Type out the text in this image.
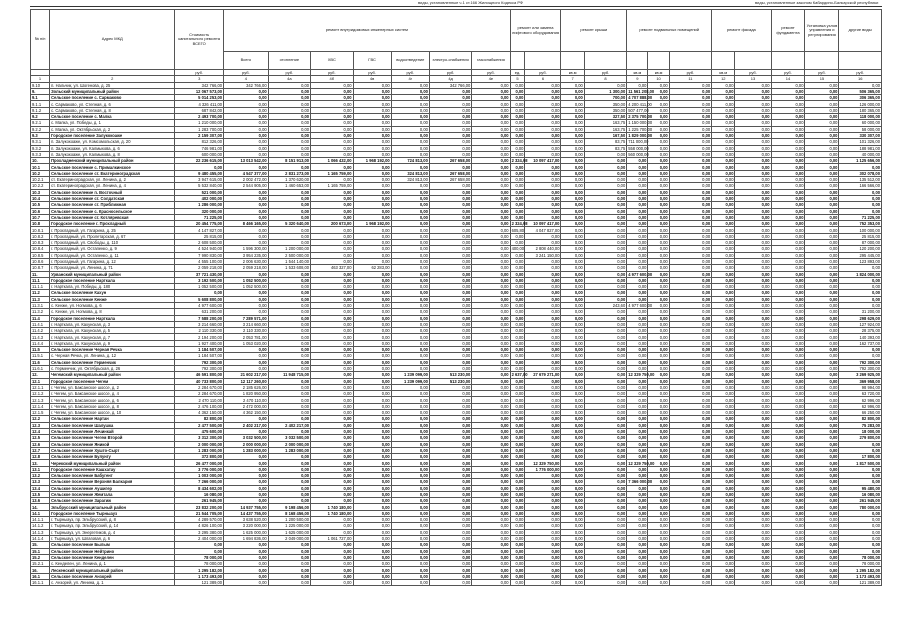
виды, установленные ч.1 ст.166 Жилищного Кодекса РФ	виды, установленные законом Кабардино-Балкарской республики
№ п/п	Адрес МКД	Стоимость капитального ремонта ВСЕГО	ремонт внутридомовых инженерных систем							ремонт или замена лифтового оборудования		ремонт крыши		ремонт подвальных помещений			ремонт фасада		ремонт фундамента	Установка узлов управления и регулирования	другие виды
			Всего	отопление	ХВС	ГВС	водоотведение	электро-снабжения	газоснабжения												
		руб.	руб.	руб.	руб.	руб.	руб.	руб.	руб.	ед.	руб.	кв.м	руб.	кв.м	кв.м	руб.	кв.м	руб.	руб.	руб.	руб.
1	2	3	4	4а	4б	4в	4г	4д	4е	5	6	7	8	9	10	11	12	13	14	15	16
9.10	п. Нальчик, ул. Шогенова, д. 25	342 766,00	342 766,00	0,00	0,00	0,00	0,00	342 766,00	0,00	0,00	0,00	0,00	0,00	0,00	0,00	0,00	0,00	0,00	0,00	0,00	0,00
9.	Зольский муниципальный район	12 067 573,00	0,00	0,00	0,00	0,00	0,00	0,00	0,00	0,00	0,00	0,00	1 300,00	11 561 208,00	0,00	0,00	0,00	0,00	0,00	0,00	506 365,00
9.1	Сельское поселение с. Сармаково	5 014 253,00	0,00	0,00	0,00	0,00	0,00	0,00	0,00	0,00	0,00	0,00	700,00	4 707 888,00	0,00	0,00	0,00	0,00	0,00	0,00	306 365,00
9.1.1	с. Сармаково, ул. Степная, д. 6	4 326 411,00	0,00	0,00	0,00	0,00	0,00	0,00	0,00	0,00	0,00	0,00	350,00	4 200 411,00	0,00	0,00	0,00	0,00	0,00	0,00	126 000,00
9.1.2	с. Сармаково, ул. Степная, д. 8	687 842,00	0,00	0,00	0,00	0,00	0,00	0,00	0,00	0,00	0,00	0,00	350,00	507 477,00	0,00	0,00	0,00	0,00	0,00	0,00	180 365,00
9.2	Сельское поселение с. Малка	2 493 700,00	0,00	0,00	0,00	0,00	0,00	0,00	0,00	0,00	0,00	0,00	327,50	2 375 700,00	0,00	0,00	0,00	0,00	0,00	0,00	118 000,00
9.2.1	с. Малка, ул. Победы, д. 1	1 210 000,00	0,00	0,00	0,00	0,00	0,00	0,00	0,00	0,00	0,00	0,00	163,75	1 150 000,00	0,00	0,00	0,00	0,00	0,00	0,00	60 000,00
9.2.2	с. Малка, ул. Октябрьская, д. 2	1 283 700,00	0,00	0,00	0,00	0,00	0,00	0,00	0,00	0,00	0,00	0,00	163,75	1 225 700,00	0,00	0,00	0,00	0,00	0,00	0,00	58 000,00
9.3	Городское поселение Залукокоаже	2 159 307,00	0,00	0,00	0,00	0,00	0,00	0,00	0,00	0,00	0,00	0,00	167,50	1 829 000,00	0,00	0,00	0,00	0,00	0,00	0,00	330 307,00
9.3.1	п. Залукокоаже, ул. Комсомольская, д. 20	812 326,00	0,00	0,00	0,00	0,00	0,00	0,00	0,00	0,00	0,00	0,00	83,75	711 000,00	0,00	0,00	0,00	0,00	0,00	0,00	101 326,00
9.3.2	п. Залукокоаже, ул. Калмыкова, д. 6	746 981,00	0,00	0,00	0,00	0,00	0,00	0,00	0,00	0,00	0,00	0,00	83,75	558 000,00	0,00	0,00	0,00	0,00	0,00	0,00	188 981,00
9.3.3	п. Залукокоаже, ул. Калмыкова, д. 8	600 000,00	0,00	0,00	0,00	0,00	0,00	0,00	0,00	0,00	0,00	0,00	0,00	560 000,00	0,00	0,00	0,00	0,00	0,00	0,00	40 000,00
10.	Прохладненский муниципальный район	22 236 615,00	13 013 542,00	8 151 913,00	1 066 432,00	1 968 192,00	724 813,00	267 658,00	0,00	2 324,98	10 097 417,00	0,00	0,00	0,00	0,00	0,00	0,00	0,00	0,00	0,00	1 125 656,00
10.1	Сельское поселение с. Прималкинское	0,00	0,00	0,00	0,00	0,00	0,00	0,00	0,00	0,00	0,00	0,00	0,00	0,00	0,00	0,00	0,00	0,00	0,00	0,00	0,00
10.2	Сельское поселение ст. Екатериноградская	9 480 455,00	4 547 377,00	2 831 273,00	1 165 759,00	0,00	324 813,00	267 658,00	0,00	0,00	0,00	0,00	0,00	0,00	0,00	0,00	0,00	0,00	0,00	0,00	302 078,00
10.2.1	ст. Екатериноградская, ул. Ленина, д. 2	3 947 615,00	2 002 472,00	1 370 620,00	0,00	0,00	324 813,00	267 658,00	0,00	0,00	0,00	0,00	0,00	0,00	0,00	0,00	0,00	0,00	0,00	0,00	135 512,00
10.2.2	ст. Екатериноградская, ул. Ленина, д. 4	5 532 840,00	2 544 905,00	1 460 653,00	1 165 759,00	0,00	0,00	0,00	0,00	0,00	0,00	0,00	0,00	0,00	0,00	0,00	0,00	0,00	0,00	0,00	166 566,00
10.3	Сельское поселение п. Восточный	521 000,00	0,00	0,00	0,00	0,00	0,00	0,00	0,00	0,00	0,00	0,00	0,00	0,00	0,00	0,00	0,00	0,00	0,00	0,00	0,00
10.4	Сельское поселение ст. Солдатская	402 000,00	0,00	0,00	0,00	0,00	0,00	0,00	0,00	0,00	0,00	0,00	0,00	0,00	0,00	0,00	0,00	0,00	0,00	0,00	0,00
10.5	Сельское поселение ст. Приближная	1 286 000,00	0,00	0,00	0,00	0,00	0,00	0,00	0,00	0,00	0,00	0,00	0,00	0,00	0,00	0,00	0,00	0,00	0,00	0,00	0,00
10.6	Сельское поселение с. Красносельское	320 000,00	0,00	0,00	0,00	0,00	0,00	0,00	0,00	0,00	0,00	0,00	0,00	0,00	0,00	0,00	0,00	0,00	0,00	0,00	0,00
10.7	Сельское поселение ст. Котляревская	71 225,00	0,00	0,00	0,00	0,00	0,00	0,00	0,00	0,00	0,00	0,00	0,00	0,00	0,00	0,00	0,00	0,00	0,00	0,00	71 225,00
10.8	Городское поселение г. Прохладный	20 454 775,00	8 466 165,00	5 320 640,00	200 673,00	1 968 192,00	0,00	0,00	0,00	2 324,98	10 097 417,00	0,00	0,00	0,00	0,00	0,00	0,00	0,00	0,00	0,00	752 353,00
10.8.1	г. Прохладный, ул. Гагарина, д. 25	4 147 827,00	0,00	0,00	0,00	0,00	0,00	0,00	0,00	605,80	4 047 827,00	0,00	0,00	0,00	0,00	0,00	0,00	0,00	0,00	0,00	100 000,00
10.8.2	г. Прохладный, ул. Пролетарская, д. 67	25 815,00	0,00	0,00	0,00	0,00	0,00	0,00	0,00	0,00	0,00	0,00	0,00	0,00	0,00	0,00	0,00	0,00	0,00	0,00	25 815,00
10.8.3	г. Прохладный, ул. Свободы, д. 110	2 608 500,00	0,00	0,00	0,00	0,00	0,00	0,00	0,00	0,00	0,00	0,00	0,00	0,00	0,00	0,00	0,00	0,00	0,00	0,00	87 000,00
10.8.4	г. Прохладный, ул. Остапенко, д. 9	4 524 940,00	1 596 300,00	1 200 000,00	0,00	0,00	0,00	0,00	0,00	400,00	2 808 440,00	0,00	0,00	0,00	0,00	0,00	0,00	0,00	0,00	0,00	120 200,00
10.8.5	г. Прохладный, ул. Остапенко, д. 11	7 990 830,00	3 954 235,00	2 500 000,00	0,00	0,00	0,00	0,00	0,00	0,00	3 241 150,00	0,00	0,00	0,00	0,00	0,00	0,00	0,00	0,00	0,00	295 445,00
10.8.6	г. Прохладный, ул. Гагарина, д. 12	4 555 100,00	2 006 630,00	1 544 140,00	0,00	0,00	0,00	0,00	0,00	0,00	0,00	0,00	0,00	0,00	0,00	0,00	0,00	0,00	0,00	0,00	123 893,00
10.8.7	г. Прохладный, ул. Ленина, д. 71	2 059 218,00	2 059 218,00	1 533 608,00	463 327,00	62 283,00	0,00	0,00	0,00	0,00	0,00	0,00	0,00	0,00	0,00	0,00	0,00	0,00	0,00	0,00	0,00
11.	Урванский муниципальный район	37 721 430,00	0,00	0,00	0,00	0,00	0,00	0,00	0,00	0,00	0,00	0,00	0,00	4 977 600,00	0,00	0,00	0,00	0,00	0,00	0,00	1 824 000,00
11.1	Городское поселение Нарткала	3 192 500,00	1 052 500,00	0,00	0,00	0,00	0,00	0,00	0,00	0,00	0,00	0,00	0,00	0,00	0,00	0,00	0,00	0,00	0,00	0,00	0,00
11.1.1	г. Нарткала, ул. Победы, д. 180	1 052 500,00	1 052 500,00	0,00	0,00	0,00	0,00	0,00	0,00	0,00	0,00	0,00	0,00	0,00	0,00	0,00	0,00	0,00	0,00	0,00	0,00
11.2	Сельское поселение Кахун	0,00	0,00	0,00	0,00	0,00	0,00	0,00	0,00	0,00	0,00	0,00	0,00	0,00	0,00	0,00	0,00	0,00	0,00	0,00	0,00
11.3	Сельское поселение Кенже	5 608 800,00	0,00	0,00	0,00	0,00	0,00	0,00	0,00	0,00	0,00	0,00	0,00	0,00	0,00	0,00	0,00	0,00	0,00	0,00	0,00
11.3.1	с. Кенже, ул. Ногмова, д. 6	4 977 600,00	0,00	0,00	0,00	0,00	0,00	0,00	0,00	0,00	0,00	0,00	243,60	4 977 600,00	0,00	0,00	0,00	0,00	0,00	0,00	0,00
11.3.2	с. Кенже, ул. Ногмова, д. 8	631 200,00	0,00	0,00	0,00	0,00	0,00	0,00	0,00	0,00	0,00	0,00	0,00	0,00	0,00	0,00	0,00	0,00	0,00	0,00	31 200,00
11.4	Городское поселение Нарткала	7 588 200,00	7 289 571,00	0,00	0,00	0,00	0,00	0,00	0,00	0,00	0,00	0,00	0,00	0,00	0,00	0,00	0,00	0,00	0,00	0,00	298 629,00
11.4.1	г. Нарткала, ул. Кахунская, д. 3	3 214 660,00	3 214 660,00	0,00	0,00	0,00	0,00	0,00	0,00	0,00	0,00	0,00	0,00	0,00	0,00	0,00	0,00	0,00	0,00	0,00	127 924,00
11.4.2	г. Нарткала, ул. Кахунская, д. 5	2 110 330,00	2 110 330,00	0,00	0,00	0,00	0,00	0,00	0,00	0,00	0,00	0,00	0,00	0,00	0,00	0,00	0,00	0,00	0,00	0,00	28 375,00
11.4.3	г. Нарткала, ул. Кахунская, д. 7	2 194 200,00	2 053 781,00	0,00	0,00	0,00	0,00	0,00	0,00	0,00	0,00	0,00	0,00	0,00	0,00	0,00	0,00	0,00	0,00	0,00	140 393,00
11.4.4	г. Нарткала, ул. Кахунская, д. 9	1 927 400,00	1 053 020,00	0,00	0,00	0,00	0,00	0,00	0,00	0,00	0,00	0,00	0,00	0,00	0,00	0,00	0,00	0,00	0,00	0,00	162 737,00
11.5	Сельское поселение Черная Речка	1 184 507,00	0,00	0,00	0,00	0,00	0,00	0,00	0,00	0,00	0,00	0,00	0,00	0,00	0,00	0,00	0,00	0,00	0,00	0,00	0,00
11.5.1	с. Черная Речка, ул. Ленина, д. 12	1 184 507,00	0,00	0,00	0,00	0,00	0,00	0,00	0,00	0,00	0,00	0,00	0,00	0,00	0,00	0,00	0,00	0,00	0,00	0,00	0,00
11.6	Сельское поселение Герменчик	792 300,00	0,00	0,00	0,00	0,00	0,00	0,00	0,00	0,00	0,00	0,00	0,00	0,00	0,00	0,00	0,00	0,00	0,00	0,00	792 300,00
11.6.1	с. Герменчик, ул. Октябрьская, д. 26	792 300,00	0,00	0,00	0,00	0,00	0,00	0,00	0,00	0,00	0,00	0,00	0,00	0,00	0,00	0,00	0,00	0,00	0,00	0,00	792 300,00
12.	Чегемский муниципальный район	46 591 800,00	21 602 217,00	11 948 715,00	0,00	0,00	1 239 099,00	513 230,00	0,00	2 637,00	27 679 271,00	0,00	0,00	12 329 750,00	0,00	0,00	0,00	0,00	0,00	0,00	3 269 925,00
12.1	Городское поселение Чегем	40 733 800,00	12 117 260,00	0,00	0,00	0,00	1 239 099,00	513 230,00	0,00	0,00	0,00	0,00	0,00	0,00	0,00	0,00	0,00	0,00	0,00	0,00	369 958,00
12.1.1	г. Чегем, ул. Баксанское шоссе, д. 2	2 284 670,00	2 185 626,00	0,00	0,00	0,00	0,00	0,00	0,00	0,00	0,00	0,00	0,00	0,00	0,00	0,00	0,00	0,00	0,00	0,00	98 994,00
12.1.2	г. Чегем, ул. Баксанское шоссе, д. 4	2 284 670,00	1 820 950,00	0,00	0,00	0,00	0,00	0,00	0,00	0,00	0,00	0,00	0,00	0,00	0,00	0,00	0,00	0,00	0,00	0,00	63 720,00
12.1.3	г. Чегем, ул. Баксанское шоссе, д. 6	2 470 110,00	2 470 110,00	0,00	0,00	0,00	0,00	0,00	0,00	0,00	0,00	0,00	0,00	0,00	0,00	0,00	0,00	0,00	0,00	0,00	62 996,00
12.1.4	г. Чегем, ул. Баксанское шоссе, д. 8	2 476 100,00	2 472 000,00	0,00	0,00	0,00	0,00	0,00	0,00	0,00	0,00	0,00	0,00	0,00	0,00	0,00	0,00	0,00	0,00	0,00	62 996,00
12.1.5	г. Чегем, ул. Баксанское шоссе, д. 10	4 362 150,00	4 362 150,00	0,00	0,00	0,00	0,00	0,00	0,00	0,00	0,00	0,00	0,00	0,00	0,00	0,00	0,00	0,00	0,00	0,00	66 250,00
12.2	Сельское поселение Нартан	82 800,00	0,00	0,00	0,00	0,00	0,00	0,00	0,00	0,00	0,00	0,00	0,00	0,00	0,00	0,00	0,00	0,00	0,00	0,00	82 800,00
12.3	Сельское поселение Шалушка	2 477 500,00	2 402 217,00	2 402 217,00	0,00	0,00	0,00	0,00	0,00	0,00	0,00	0,00	0,00	0,00	0,00	0,00	0,00	0,00	0,00	0,00	75 283,00
12.4	Сельское поселение Лечинкай	475 600,00	0,00	0,00	0,00	0,00	0,00	0,00	0,00	0,00	0,00	0,00	0,00	0,00	0,00	0,00	0,00	0,00	0,00	0,00	18 000,00
12.5	Сельское поселение Чегем Второй	3 312 300,00	3 032 500,00	3 032 500,00	0,00	0,00	0,00	0,00	0,00	0,00	0,00	0,00	0,00	0,00	0,00	0,00	0,00	0,00	0,00	0,00	279 800,00
12.6	Сельское поселение Яникой	2 000 000,00	2 000 000,00	2 000 000,00	0,00	0,00	0,00	0,00	0,00	0,00	0,00	0,00	0,00	0,00	0,00	0,00	0,00	0,00	0,00	0,00	0,00
12.7	Сельское поселение Хушто-Сырт	1 283 000,00	1 283 000,00	1 283 000,00	0,00	0,00	0,00	0,00	0,00	0,00	0,00	0,00	0,00	0,00	0,00	0,00	0,00	0,00	0,00	0,00	0,00
12.8	Сельское поселение Булунгу	372 800,00	0,00	0,00	0,00	0,00	0,00	0,00	0,00	0,00	0,00	0,00	0,00	0,00	0,00	0,00	0,00	0,00	0,00	0,00	17 800,00
13.	Черекский муниципальный район	26 477 000,00	0,00	0,00	0,00	0,00	0,00	0,00	0,00	0,00	12 329 750,00	0,00	0,00	12 329 750,00	0,00	0,00	0,00	0,00	0,00	0,00	1 817 500,00
13.1	Городское поселение Кашхатау	3 776 000,00	0,00	0,00	0,00	0,00	0,00	0,00	0,00	0,00	1 776 000,00	0,00	0,00	0,00	0,00	0,00	0,00	0,00	0,00	0,00	0,00
13.2	Сельское поселение Бабугент	1 003 000,00	0,00	0,00	0,00	0,00	0,00	0,00	0,00	0,00	0,00	0,00	0,00	0,00	0,00	0,00	0,00	0,00	0,00	0,00	0,00
13.3	Сельское поселение Верхняя Балкария	7 266 000,00	0,00	0,00	0,00	0,00	0,00	0,00	0,00	0,00	0,00	0,00	0,00	7 366 000,00	0,00	0,00	0,00	0,00	0,00	0,00	0,00
13.4	Сельское поселение Аушигер	8 434 602,00	0,00	0,00	0,00	0,00	0,00	0,00	0,00	0,00	0,00	0,00	0,00	0,00	0,00	0,00	0,00	0,00	0,00	0,00	95 480,00
13.5	Сельское поселение Жемтала	16 080,00	0,00	0,00	0,00	0,00	0,00	0,00	0,00	0,00	0,00	0,00	0,00	0,00	0,00	0,00	0,00	0,00	0,00	0,00	16 080,00
13.6	Сельское поселение Зарагиж	261 945,00	0,00	0,00	0,00	0,00	0,00	0,00	0,00	0,00	0,00	0,00	0,00	0,00	0,00	0,00	0,00	0,00	0,00	0,00	261 945,00
14.	Эльбрусский муниципальный район	23 832 200,00	14 937 755,00	9 198 456,00	1 740 180,00	0,00	0,00	0,00	0,00	0,00	0,00	0,00	0,00	0,00	0,00	0,00	0,00	0,00	0,00	0,00	780 000,00
14.1	Городское поселение Тырныауз	21 544 705,00	14 437 755,00	8 168 456,00	1 740 180,00	0,00	0,00	0,00	0,00	0,00	0,00	0,00	0,00	0,00	0,00	0,00	0,00	0,00	0,00	0,00	0,00
14.1.1	г. Тырныауз, пр. Эльбрусский, д. 8	4 289 570,00	3 638 520,00	1 200 500,00	0,00	0,00	0,00	0,00	0,00	0,00	0,00	0,00	0,00	0,00	0,00	0,00	0,00	0,00	0,00	0,00	0,00
14.1.2	г. Тырныауз, пр. Эльбрусский, д. 14	4 826 100,00	3 220 000,00	1 225 000,00	0,00	0,00	0,00	0,00	0,00	0,00	0,00	0,00	0,00	0,00	0,00	0,00	0,00	0,00	0,00	0,00	0,00
14.1.3	г. Тырныауз, ул. Энергетиков, д. 4	3 295 380,00	1 625 000,00	1 625 000,00	0,00	0,00	0,00	0,00	0,00	0,00	0,00	0,00	0,00	0,00	0,00	0,00	0,00	0,00	0,00	0,00	0,00
14.1.4	г. Тырныауз, ул. Шлаговая, д. 6	2 404 000,00	1 694 836,00	2 049 000,00	1 061 727,00	0,00	0,00	0,00	0,00	0,00	0,00	0,00	0,00	0,00	0,00	0,00	0,00	0,00	0,00	0,00	0,00
15.	Сельское поселение Былым	0,00	0,00	0,00	0,00	0,00	0,00	0,00	0,00	0,00	0,00	0,00	0,00	0,00	0,00	0,00	0,00	0,00	0,00	0,00	0,00
15.1	Сельское поселение Нейтрино	0,00	0,00	0,00	0,00	0,00	0,00	0,00	0,00	0,00	0,00	0,00	0,00	0,00	0,00	0,00	0,00	0,00	0,00	0,00	0,00
15.2	Сельское поселение Кенделен	78 000,00	0,00	0,00	0,00	0,00	0,00	0,00	0,00	0,00	0,00	0,00	0,00	0,00	0,00	0,00	0,00	0,00	0,00	0,00	78 000,00
15.2.1	с. Кенделен, ул. Ленина, д. 1	78 000,00	0,00	0,00	0,00	0,00	0,00	0,00	0,00	0,00	0,00	0,00	0,00	0,00	0,00	0,00	0,00	0,00	0,00	0,00	78 000,00
16.	Лескенский муниципальный район	1 295 182,00	0,00	0,00	0,00	0,00	0,00	0,00	0,00	0,00	0,00	0,00	0,00	0,00	0,00	0,00	0,00	0,00	0,00	0,00	1 295 182,00
16.1	Сельское поселение Анзорей	1 173 493,00	0,00	0,00	0,00	0,00	0,00	0,00	0,00	0,00	0,00	0,00	0,00	0,00	0,00	0,00	0,00	0,00	0,00	0,00	1 173 493,00
16.1.1	с. Анзорей, ул. Ленина, д. 1	121 389,00	0,00	0,00	0,00	0,00	0,00	0,00	0,00	0,00	0,00	0,00	0,00	0,00	0,00	0,00	0,00	0,00	0,00	0,00	121 389,00
